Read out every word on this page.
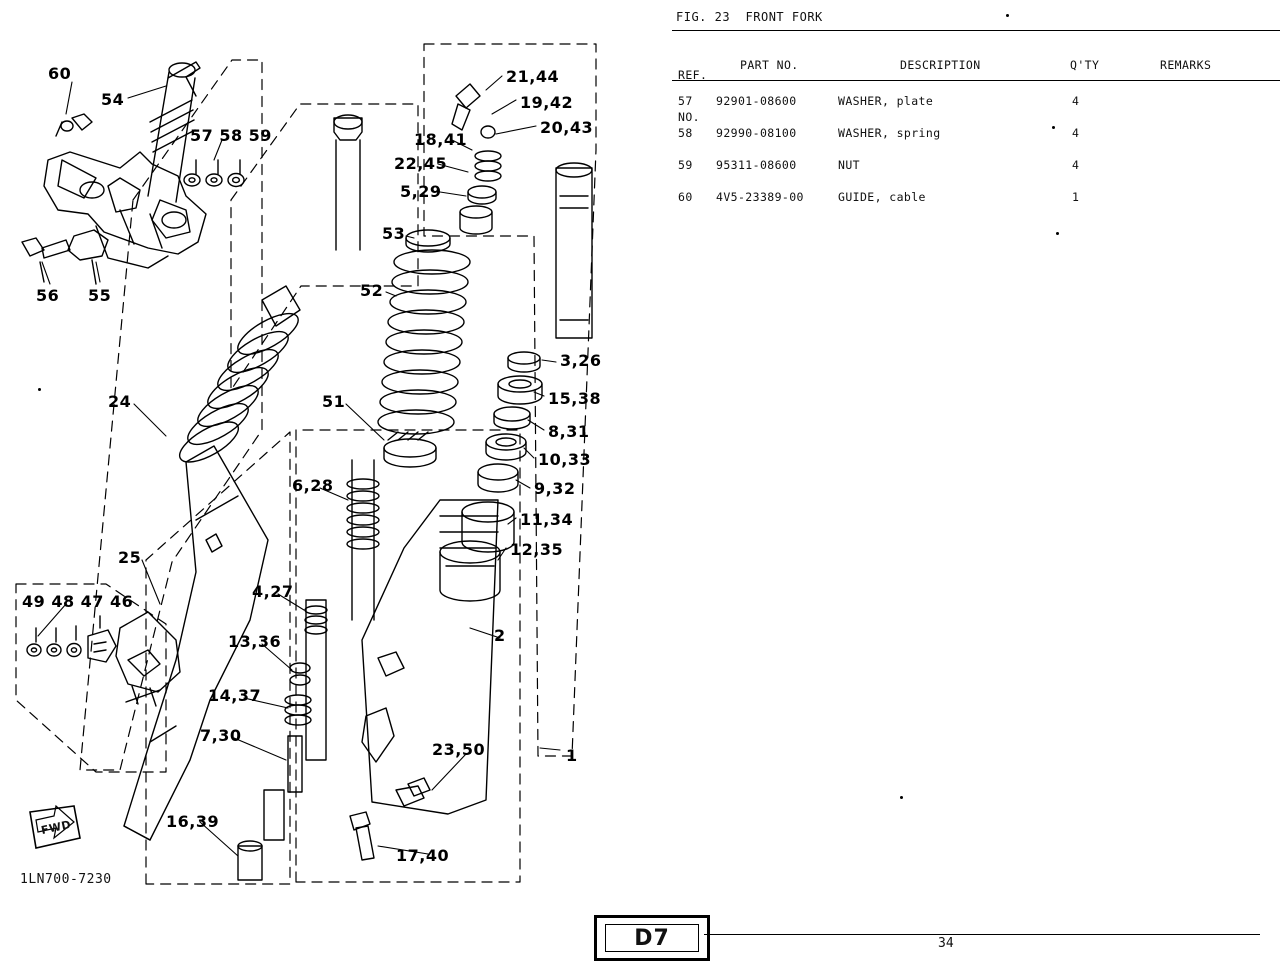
60
54
21,44
19,42
20,43
57 58 59	18,41
22,45
5,29
56 55
53
52
3,26
15,38
24	51
8,31
10,33
9,32
6,28
11,34
12,35
25
49 48 47 46
4,27
2
13,36
14,37
7,30
23,50	1
16,39
17,40
FWD
1LN700-7230
FIG. 23  FRONT FORK

REF.

NO.

PART NO.	DESCRIPTION	Q'TY	REMARKS
57 92901-08600	WASHER, plate	4
58 92990-08100	WASHER, spring	4
59 95311-08600	NUT	4
60 4V5-23389-00	GUIDE, cable	1
D7	34
